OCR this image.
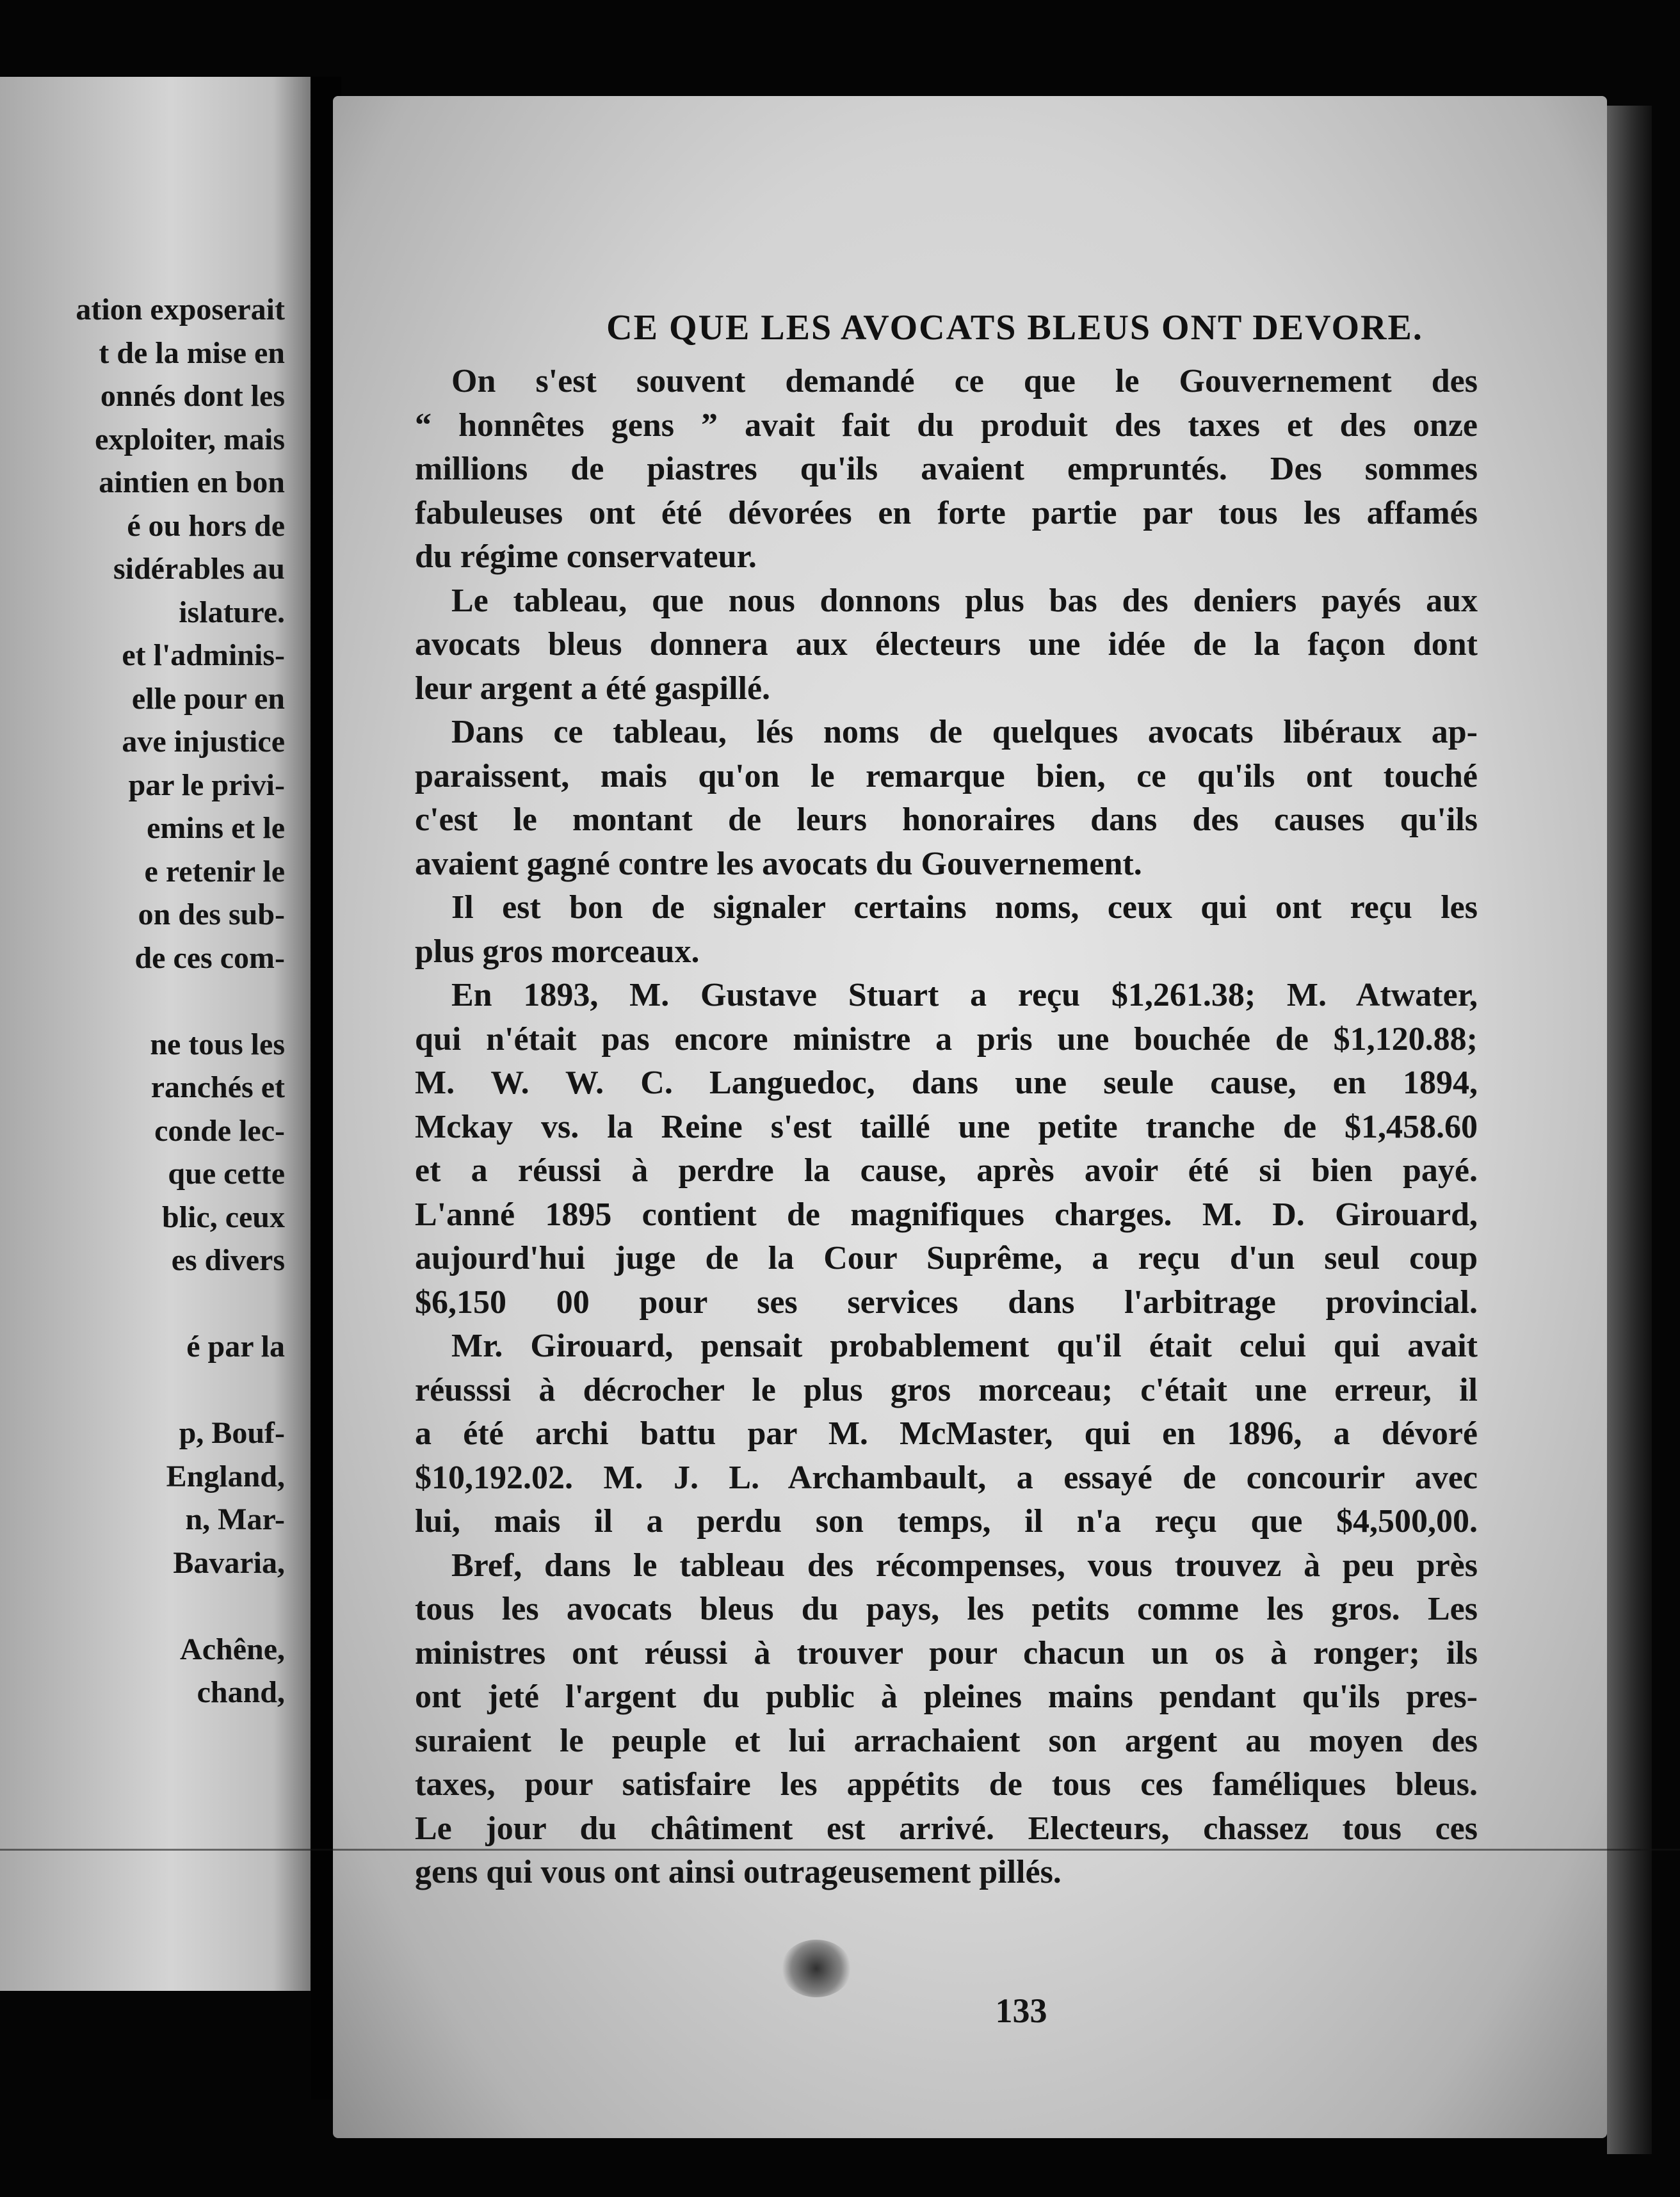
ation exposerait
t de la mise en
onnés dont les
exploiter, mais
aintien en bon
é ou hors de
sidérables au
islature.
et l'adminis-
elle pour en
ave injustice
par le privi-
emins et le
e retenir le
on des sub-
de ces com-
ne tous les
ranchés et
conde lec-
que cette
blic, ceux
es divers
é par la
p, Bouf-
England,
n, Mar-
Bavaria,
Achêne,
chand,
CE QUE LES AVOCATS BLEUS ONT DEVORE.
On s'est souvent demandé ce que le Gouvernement des
“ honnêtes gens ” avait fait du produit des taxes et des onze
millions de piastres qu'ils avaient empruntés. Des sommes
fabuleuses ont été dévorées en forte partie par tous les affamés
du régime conservateur.
Le tableau, que nous donnons plus bas des deniers payés aux
avocats bleus donnera aux électeurs une idée de la façon dont
leur argent a été gaspillé.
Dans ce tableau, lés noms de quelques avocats libéraux ap-
paraissent, mais qu'on le remarque bien, ce qu'ils ont touché
c'est le montant de leurs honoraires dans des causes qu'ils
avaient gagné contre les avocats du Gouvernement.
Il est bon de signaler certains noms, ceux qui ont reçu les
plus gros morceaux.
En 1893, M. Gustave Stuart a reçu $1,261.38; M. Atwater,
qui n'était pas encore ministre a pris une bouchée de $1,120.88;
M. W. W. C. Languedoc, dans une seule cause, en 1894,
Mckay vs. la Reine s'est taillé une petite tranche de $1,458.60
et a réussi à perdre la cause, après avoir été si bien payé.
L'anné 1895 contient de magnifiques charges. M. D. Girouard,
aujourd'hui juge de la Cour Suprême, a reçu d'un seul coup
$6,150 00 pour ses services dans l'arbitrage provincial.
Mr. Girouard, pensait probablement qu'il était celui qui avait
réusssi à décrocher le plus gros morceau; c'était une erreur, il
a été archi battu par M. McMaster, qui en 1896, a dévoré
$10,192.02. M. J. L. Archambault, a essayé de concourir avec
lui, mais il a perdu son temps, il n'a reçu que $4,500,00.
Bref, dans le tableau des récompenses, vous trouvez à peu près
tous les avocats bleus du pays, les petits comme les gros. Les
ministres ont réussi à trouver pour chacun un os à ronger; ils
ont jeté l'argent du public à pleines mains pendant qu'ils pres-
suraient le peuple et lui arrachaient son argent au moyen des
taxes, pour satisfaire les appétits de tous ces faméliques bleus.
Le jour du châtiment est arrivé. Electeurs, chassez tous ces
gens qui vous ont ainsi outrageusement pillés.
133
